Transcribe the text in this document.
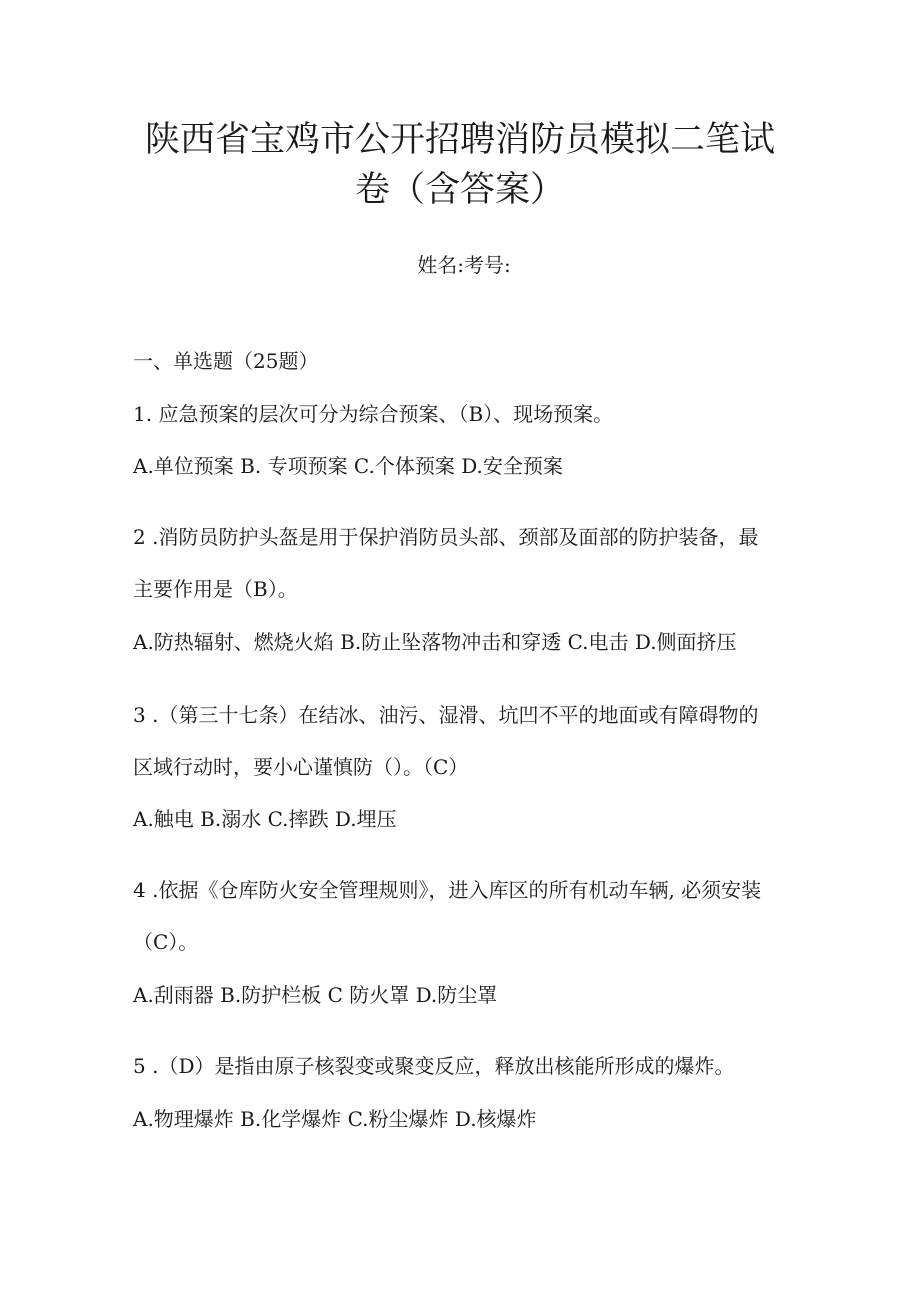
陕西省宝鸡市公开招聘消防员模拟二笔试
卷（含答案）
姓名:考号:
一、单选题（25题）
1. 应急预案的层次可分为综合预案、（B）、现场预案。
A.单位预案 B. 专项预案 C.个体预案 D.安全预案
2 .消防员防护头盔是用于保护消防员头部、颈部及面部的防护装备，最
主要作用是（B）。
A.防热辐射、燃烧火焰 B.防止坠落物冲击和穿透 C.电击 D.侧面挤压
3 .（第三十七条）在结冰、油污、湿滑、坑凹不平的地面或有障碍物的
区域行动时，要小心谨慎防（）。（C）
A.触电 B.溺水 C.摔跌 D.埋压
4 .依据《仓库防火安全管理规则》，进入库区的所有机动车辆, 必须安装
（C）。
A.刮雨器 B.防护栏板 C 防火罩 D.防尘罩
5 .（D）是指由原子核裂变或聚变反应，释放出核能所形成的爆炸。
A.物理爆炸 B.化学爆炸 C.粉尘爆炸 D.核爆炸
